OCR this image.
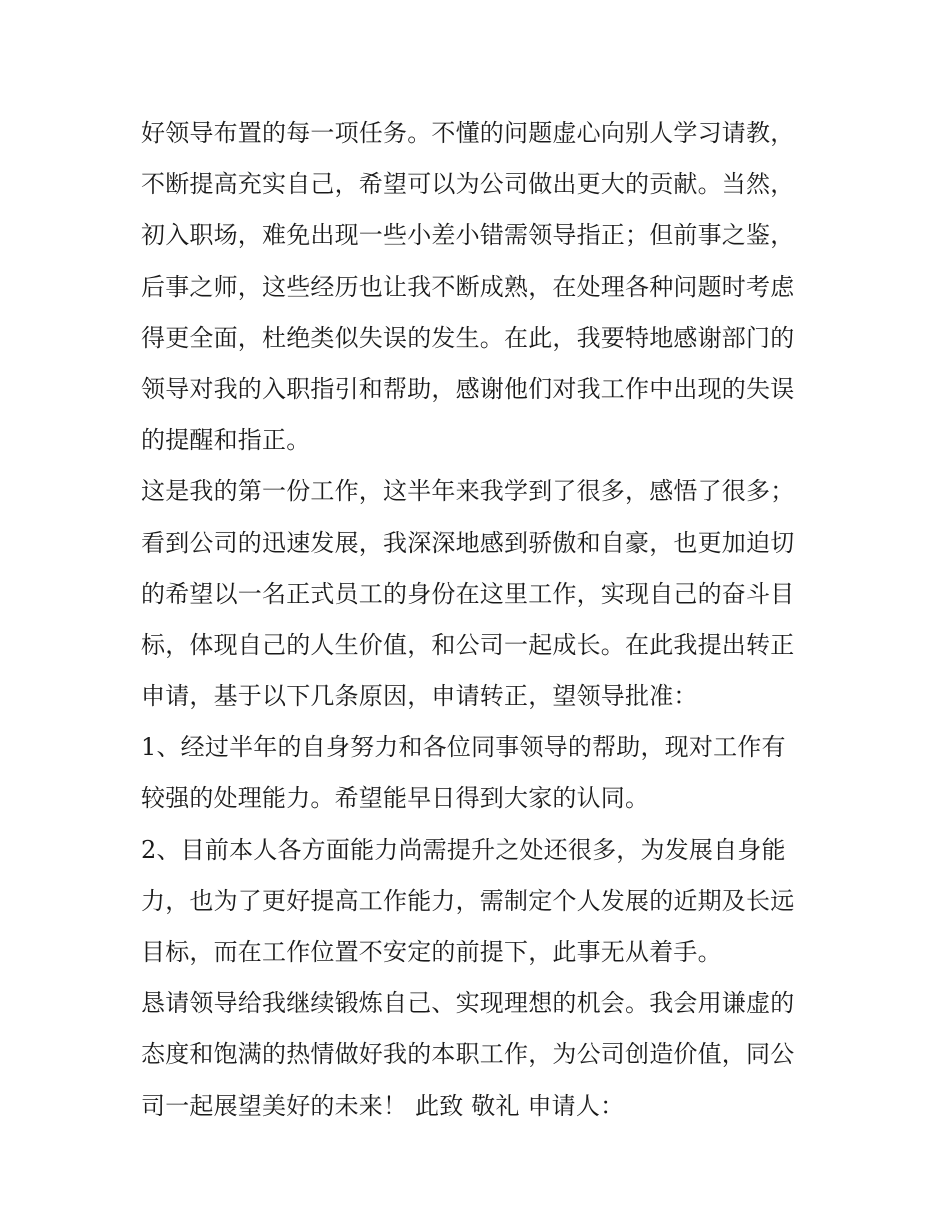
好领导布置的每一项任务。不懂的问题虚心向别人学习请教，
不断提高充实自己，希望可以为公司做出更大的贡献。当然，
初入职场，难免出现一些小差小错需领导指正；但前事之鉴，
后事之师，这些经历也让我不断成熟，在处理各种问题时考虑
得更全面，杜绝类似失误的发生。在此，我要特地感谢部门的
领导对我的入职指引和帮助，感谢他们对我工作中出现的失误
的提醒和指正。
这是我的第一份工作，这半年来我学到了很多，感悟了很多；
看到公司的迅速发展，我深深地感到骄傲和自豪，也更加迫切
的希望以一名正式员工的身份在这里工作，实现自己的奋斗目
标，体现自己的人生价值，和公司一起成长。在此我提出转正
申请，基于以下几条原因，申请转正，望领导批准：
1、经过半年的自身努力和各位同事领导的帮助，现对工作有
较强的处理能力。希望能早日得到大家的认同。
2、目前本人各方面能力尚需提升之处还很多，为发展自身能
力，也为了更好提高工作能力，需制定个人发展的近期及长远
目标，而在工作位置不安定的前提下，此事无从着手。
恳请领导给我继续锻炼自己、实现理想的机会。我会用谦虚的
态度和饱满的热情做好我的本职工作，为公司创造价值，同公
司一起展望美好的未来！ 此致 敬礼 申请人：
